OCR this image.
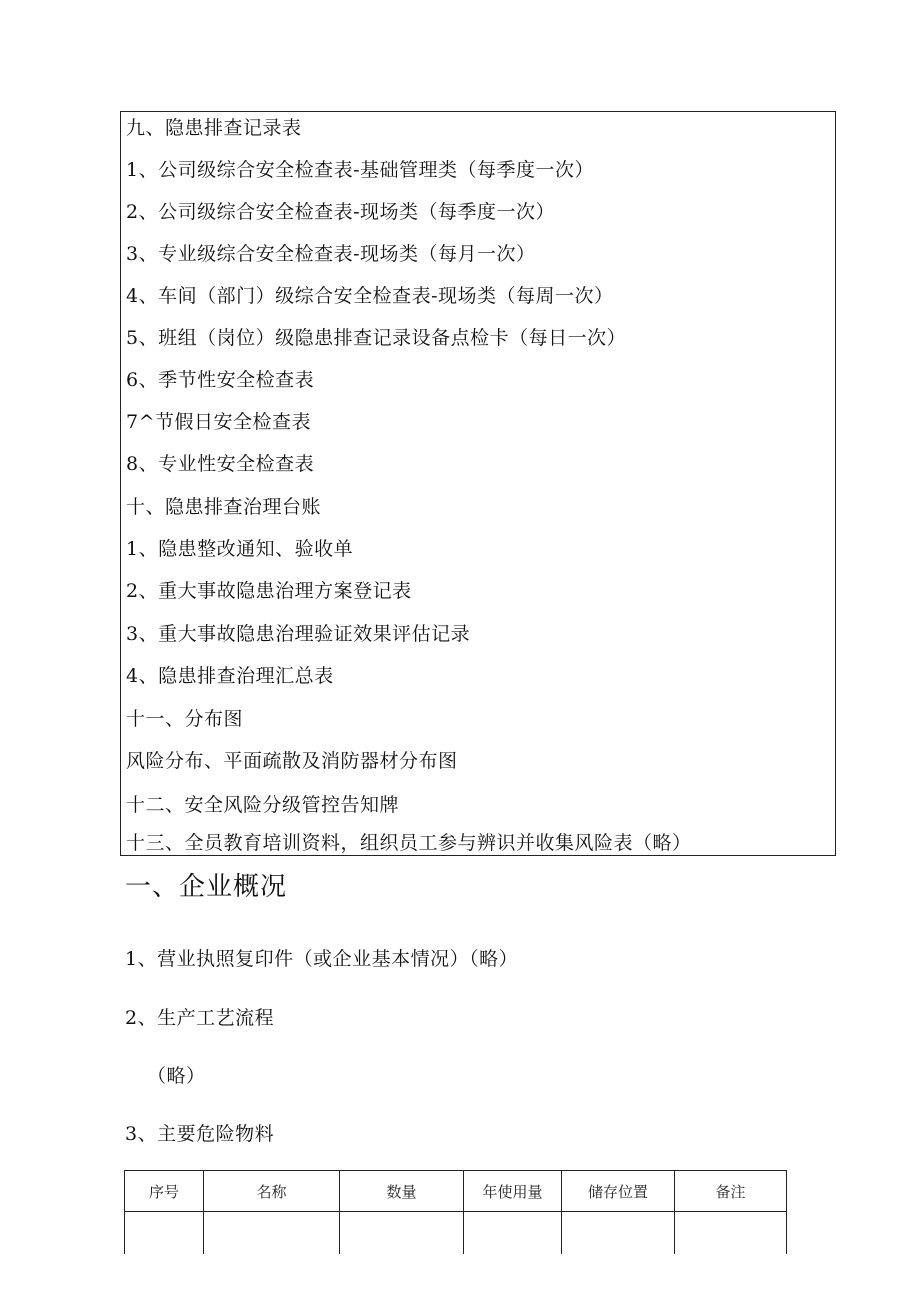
九、隐患排查记录表
1、公司级综合安全检查表-基础管理类（每季度一次）
2、公司级综合安全检查表-现场类（每季度一次）
3、专业级综合安全检查表-现场类（每月一次）
4、车间（部门）级综合安全检查表-现场类（每周一次）
5、班组（岗位）级隐患排查记录设备点检卡（每日一次）
6、季节性安全检查表
7^节假日安全检查表
8、专业性安全检查表
十、隐患排查治理台账
1、隐患整改通知、验收单
2、重大事故隐患治理方案登记表
3、重大事故隐患治理验证效果评估记录
4、隐患排查治理汇总表
十一、分布图
风险分布、平面疏散及消防器材分布图
十二、安全风险分级管控告知牌
十三、全员教育培训资料，组织员工参与辨识并收集风险表（略）
一、企业概况
1、营业执照复印件（或企业基本情况）（略）
2、生产工艺流程
（略）
3、主要危险物料
序号	名称	数量	年使用量	储存位置	备注
